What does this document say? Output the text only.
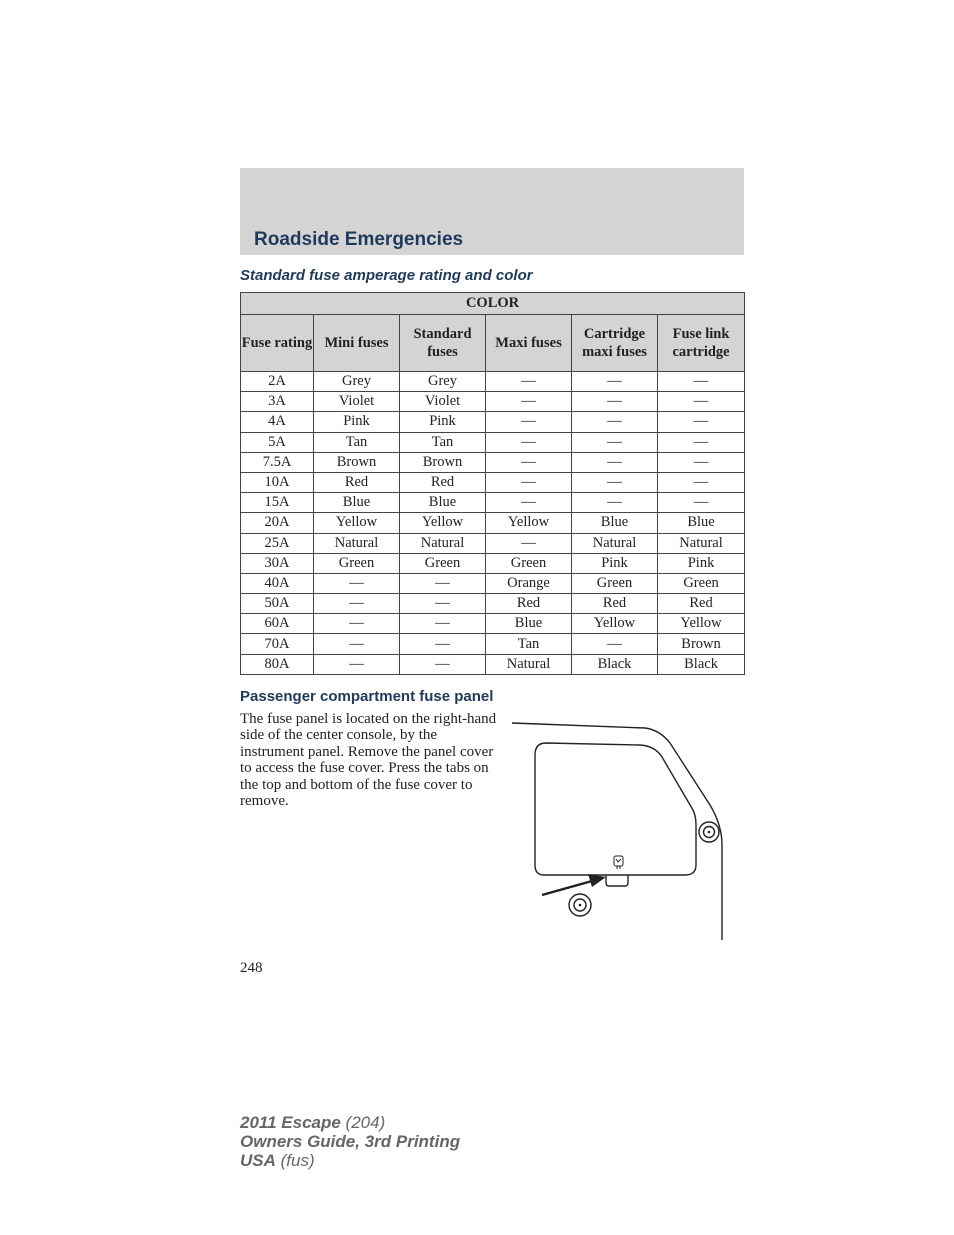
Roadside Emergencies
Standard fuse amperage rating and color
COLOR					
Fuse rating	Mini fuses	Standard fuses	Maxi fuses	Cartridge maxi fuses	Fuse link cartridge
2A	Grey	Grey	—	—	—
3A	Violet	Violet	—	—	—
4A	Pink	Pink	—	—	—
5A	Tan	Tan	—	—	—
7.5A	Brown	Brown	—	—	—
10A	Red	Red	—	—	—
15A	Blue	Blue	—	—	—
20A	Yellow	Yellow	Yellow	Blue	Blue
25A	Natural	Natural	—	Natural	Natural
30A	Green	Green	Green	Pink	Pink
40A	—	—	Orange	Green	Green
50A	—	—	Red	Red	Red
60A	—	—	Blue	Yellow	Yellow
70A	—	—	Tan	—	Brown
80A	—	—	Natural	Black	Black
Passenger compartment fuse panel
The fuse panel is located on the right-hand side of the center console, by the instrument panel. Remove the panel cover to access the fuse cover. Press the tabs on the top and bottom of the fuse cover to remove.
248
2011 Escape (204)
Owners Guide, 3rd Printing
USA (fus)
